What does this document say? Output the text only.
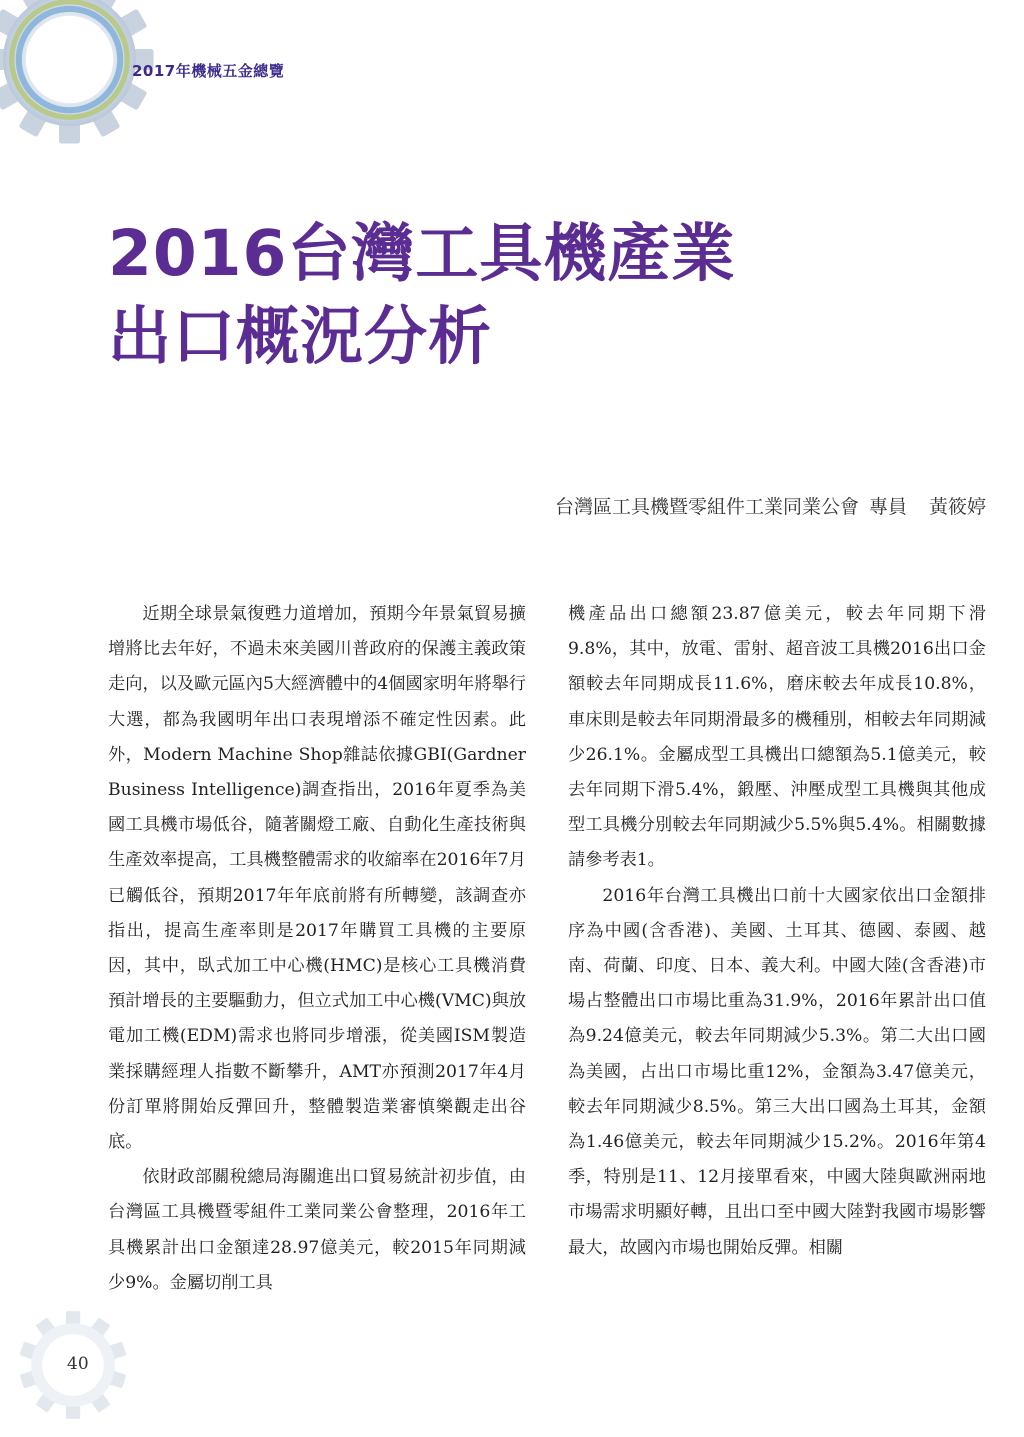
2017年機械五金總覽
2016台灣工具機產業
出口概況分析
台灣區工具機暨零組件工業同業公會 專員 黃筱婷

近期全球景氣復甦力道增加，預期今年景氣貿易擴增將比去年好，不過未來美國川普政府的保護主義政策走向，以及歐元區內5大經濟體中的4個國家明年將舉行大選，都為我國明年出口表現增添不確定性因素。此外，Modern Machine Shop雜誌依據GBI(Gardner Business Intelligence)調查指出，2016年夏季為美國工具機市場低谷，隨著關燈工廠、自動化生產技術與生產效率提高，工具機整體需求的收縮率在2016年7月已觸低谷，預期2017年年底前將有所轉變，該調查亦指出，提高生產率則是2017年購買工具機的主要原因，其中，臥式加工中心機(HMC)是核心工具機消費預計增長的主要驅動力，但立式加工中心機(VMC)與放電加工機(EDM)需求也將同步增漲，從美國ISM製造業採購經理人指數不斷攀升，AMT亦預測2017年4月份訂單將開始反彈回升，整體製造業審慎樂觀走出谷底。

依財政部關稅總局海關進出口貿易統計初步值，由台灣區工具機暨零組件工業同業公會整理，2016年工具機累計出口金額達28.97億美元，較2015年同期減少9%。金屬切削工具

機產品出口總額23.87億美元，較去年同期下滑9.8%，其中，放電、雷射、超音波工具機2016出口金額較去年同期成長11.6%，磨床較去年成長10.8%，車床則是較去年同期滑最多的機種別，相較去年同期減少26.1%。金屬成型工具機出口總額為5.1億美元，較去年同期下滑5.4%，鍛壓、沖壓成型工具機與其他成型工具機分別較去年同期減少5.5%與5.4%。相關數據請參考表1。

2016年台灣工具機出口前十大國家依出口金額排序為中國(含香港)、美國、土耳其、德國、泰國、越南、荷蘭、印度、日本、義大利。中國大陸(含香港)市場占整體出口市場比重為31.9%，2016年累計出口值為9.24億美元，較去年同期減少5.3%。第二大出口國為美國，占出口市場比重12%，金額為3.47億美元，較去年同期減少8.5%。第三大出口國為土耳其，金額為1.46億美元，較去年同期減少15.2%。2016年第4季，特別是11、12月接單看來，中國大陸與歐洲兩地市場需求明顯好轉，且出口至中國大陸對我國市場影響最大，故國內市場也開始反彈。相關

40
